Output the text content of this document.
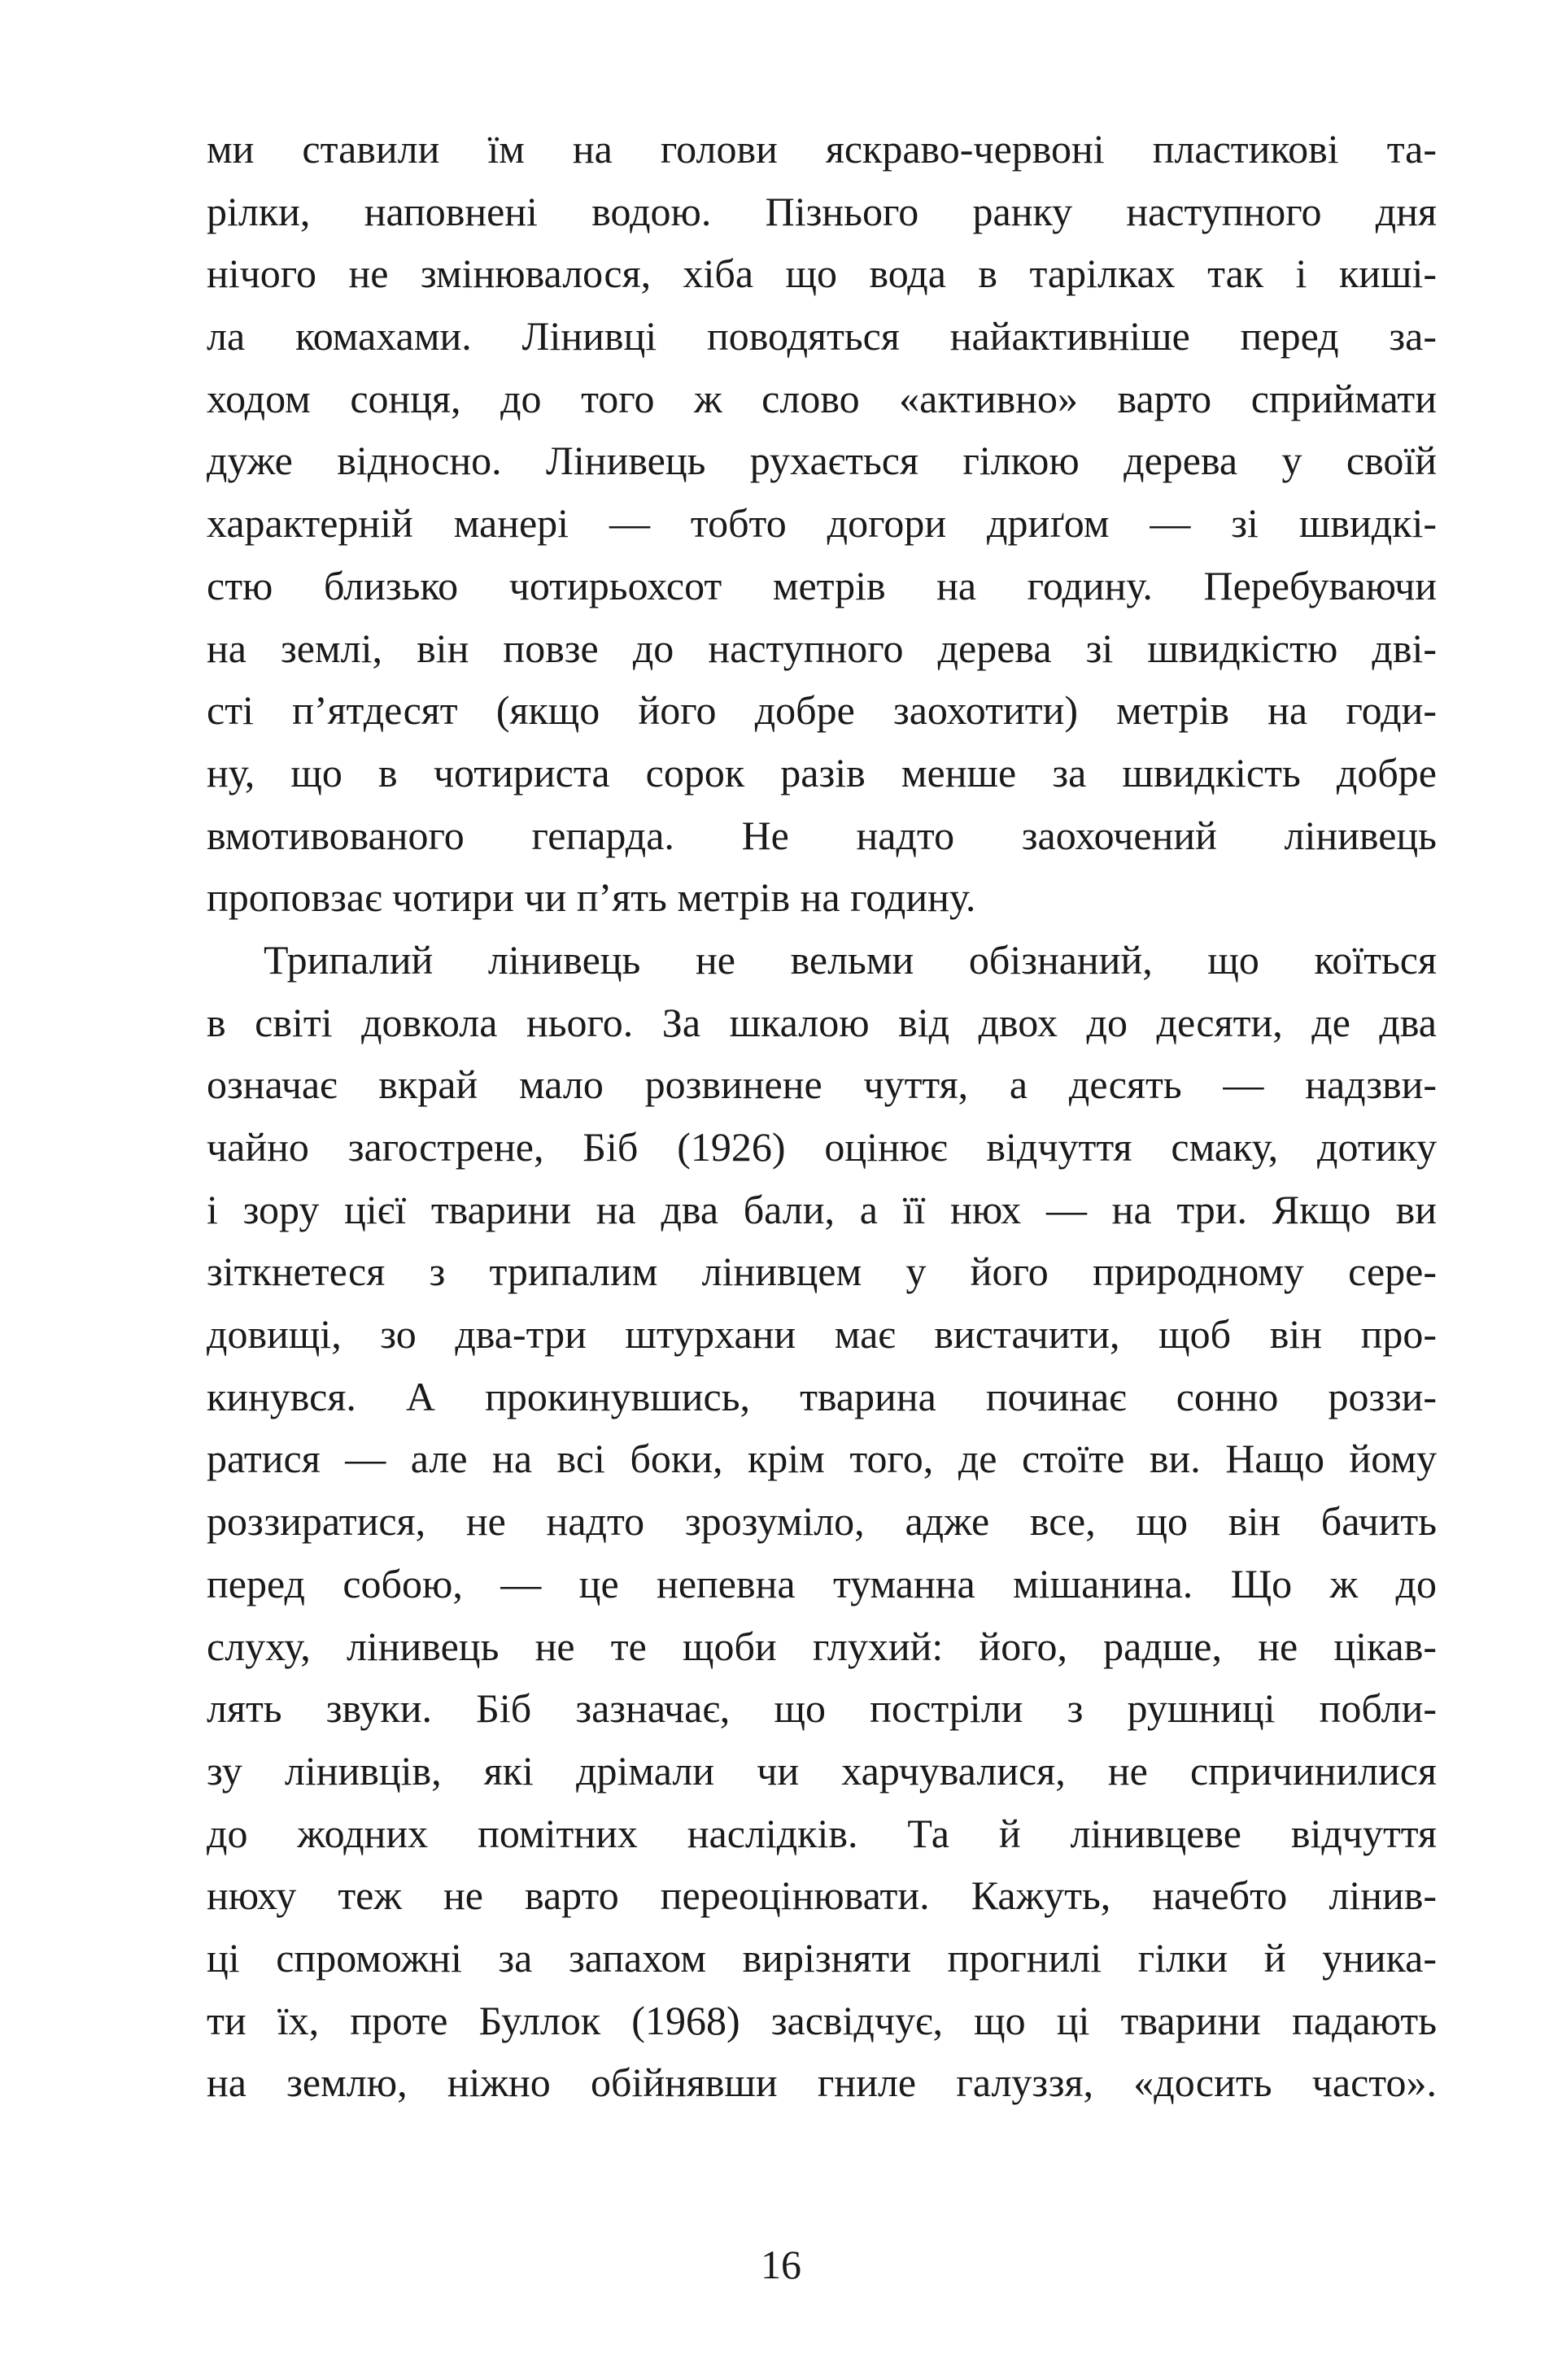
ми ставили їм на голови яскраво-червоні пластикові та-
рілки, наповнені водою. Пізнього ранку наступного дня
нічого не змінювалося, хіба що вода в тарілках так і киші-
ла комахами. Лінивці поводяться найактивніше перед за-
ходом сонця, до того ж слово «активно» варто сприймати
дуже відносно. Лінивець рухається гілкою дерева у своїй
характерній манері — тобто догори дриґом — зі швидкі-
стю близько чотирьохсот метрів на годину. Перебуваючи
на землі, він повзе до наступного дерева зі швидкістю дві-
сті п’ятдесят (якщо його добре заохотити) метрів на годи-
ну, що в чотириста сорок разів менше за швидкість добре
вмотивованого гепарда. Не надто заохочений лінивець
проповзає чотири чи п’ять метрів на годину.
Трипалий лінивець не вельми обізнаний, що коїться
в світі довкола нього. За шкалою від двох до десяти, де два
означає вкрай мало розвинене чуття, а десять — надзви-
чайно загострене, Біб (1926) оцінює відчуття смаку, дотику
і зору цієї тварини на два бали, а її нюх — на три. Якщо ви
зіткнетеся з трипалим лінивцем у його природному сере-
довищі, зо два-три штурхани має вистачити, щоб він про-
кинувся. А прокинувшись, тварина починає сонно роззи-
ратися — але на всі боки, крім того, де стоїте ви. Нащо йому
роззиратися, не надто зрозуміло, адже все, що він бачить
перед собою, — це непевна туманна мішанина. Що ж до
слуху, лінивець не те щоби глухий: його, радше, не цікав-
лять звуки. Біб зазначає, що постріли з рушниці побли-
зу лінивців, які дрімали чи харчувалися, не спричинилися
до жодних помітних наслідків. Та й лінивцеве відчуття
нюху теж не варто переоцінювати. Кажуть, начебто лінив-
ці спроможні за запахом вирізняти прогнилі гілки й уника-
ти їх, проте Буллок (1968) засвідчує, що ці тварини падають
на землю, ніжно обійнявши гниле галуззя, «досить часто».
16
